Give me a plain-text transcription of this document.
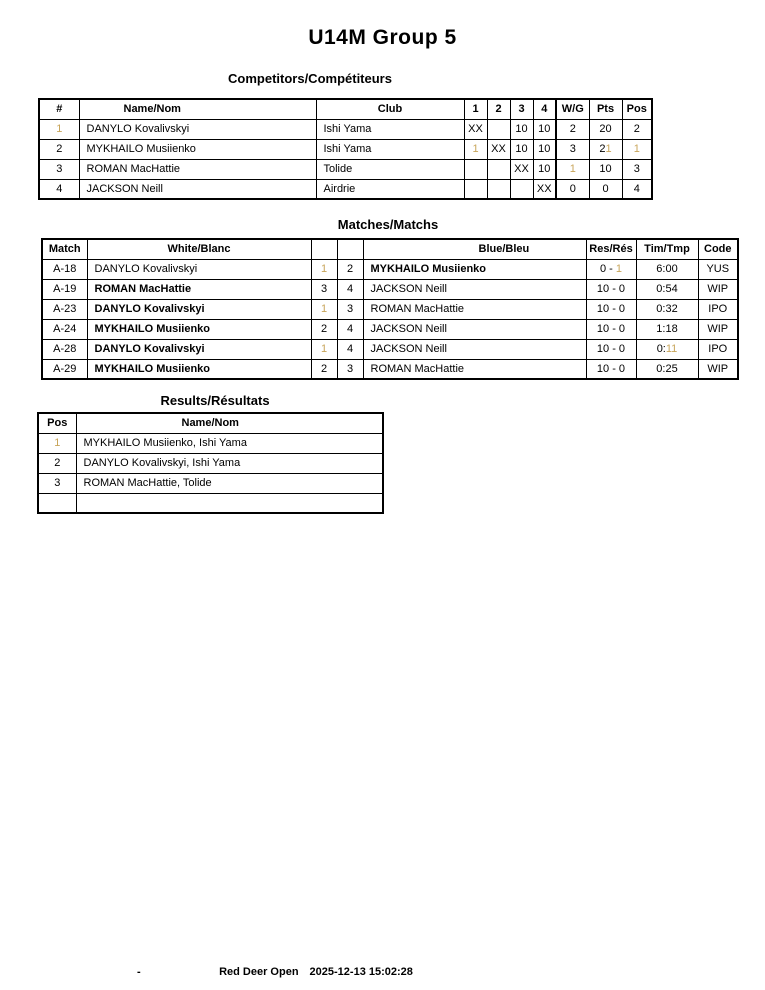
U14M Group 5
Competitors/Compétiteurs
#	Name/Nom	Club	1	2	3	4	W/G	Pts	Pos
1	DANYLO Kovalivskyi	Ishi Yama	XX		10	10	2	20	2
2	MYKHAILO Musiienko	Ishi Yama	1	XX	10	10	3	21	1
3	ROMAN MacHattie	Tolide			XX	10	1	10	3
4	JACKSON Neill	Airdrie				XX	0	0	4
Matches/Matchs
Match	White/Blanc			Blue/Bleu	Res/Rés	Tim/Tmp	Code
A-18	DANYLO Kovalivskyi	1	2	MYKHAILO Musiienko	0 - 1	6:00	YUS
A-19	ROMAN MacHattie	3	4	JACKSON Neill	10 - 0	0:54	WIP
A-23	DANYLO Kovalivskyi	1	3	ROMAN MacHattie	10 - 0	0:32	IPO
A-24	MYKHAILO Musiienko	2	4	JACKSON Neill	10 - 0	1:18	WIP
A-28	DANYLO Kovalivskyi	1	4	JACKSON Neill	10 - 0	0:11	IPO
A-29	MYKHAILO Musiienko	2	3	ROMAN MacHattie	10 - 0	0:25	WIP
Results/Résultats
Pos	Name/Nom
1	MYKHAILO Musiienko, Ishi Yama
2	DANYLO Kovalivskyi, Ishi Yama
3	ROMAN MacHattie, Tolide

-	Red Deer Open 2025-12-13 15:02:28
